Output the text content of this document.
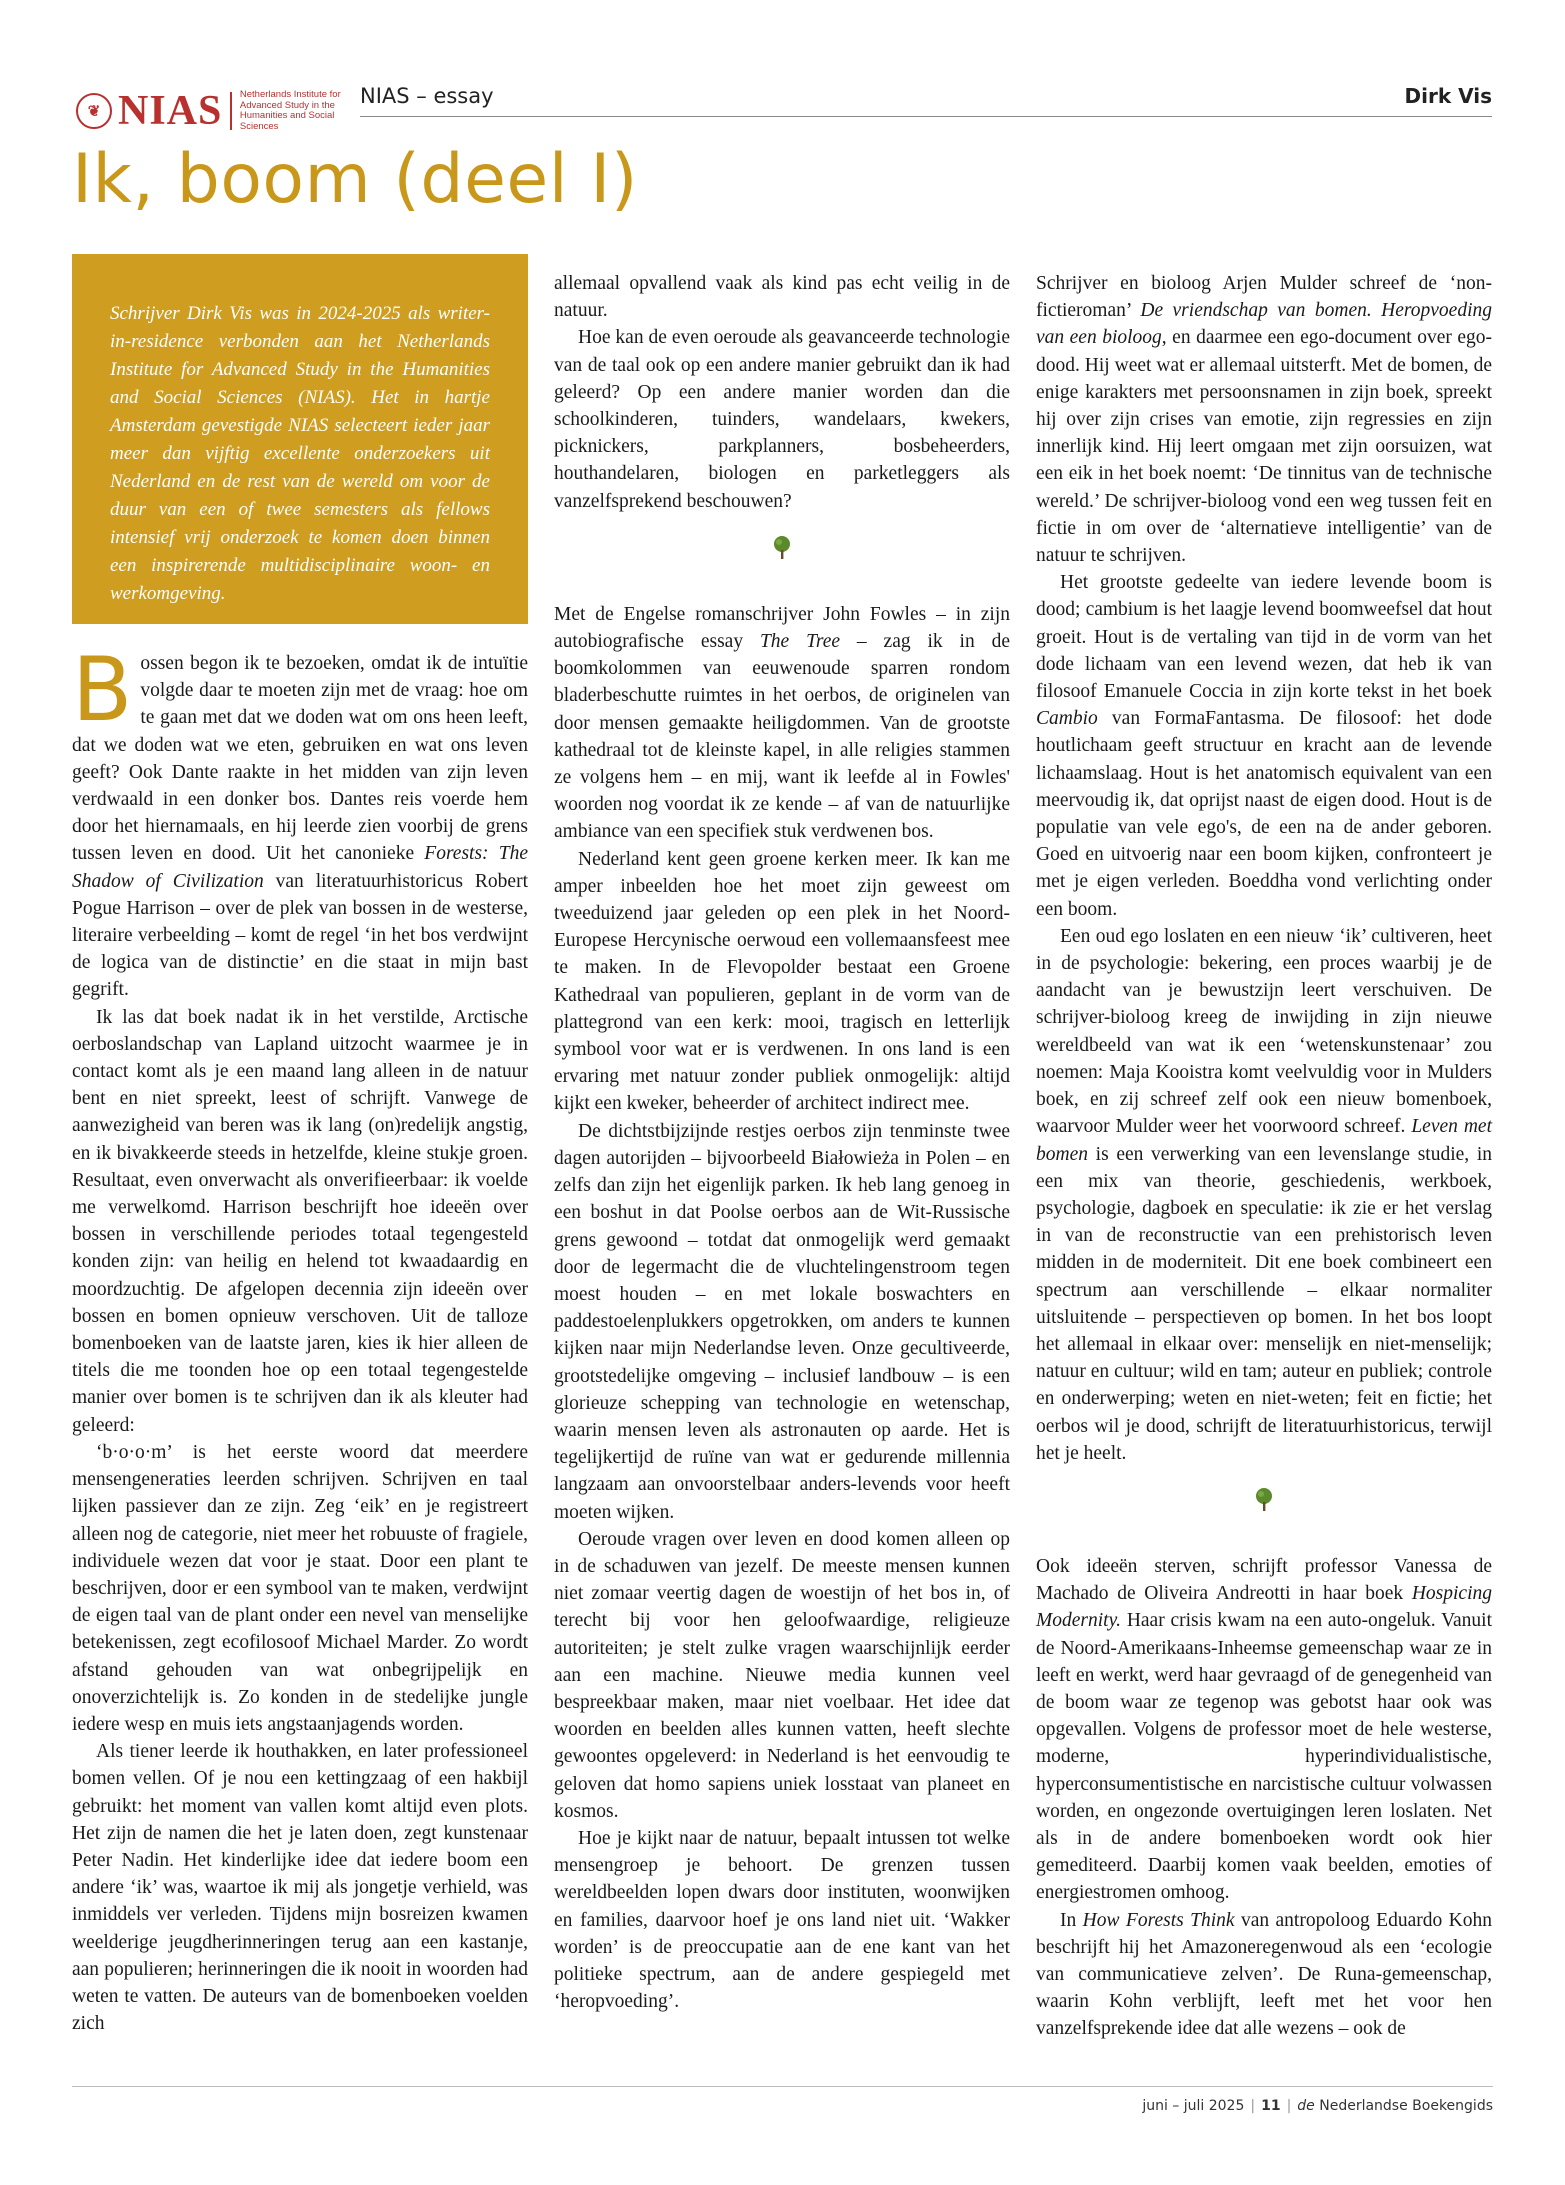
❦ NIAS Netherlands Institute for Advanced Study in the Humanities and Social Sciences
NIAS – essay	Dirk Vis
Ik, boom (deel I)

Schrijver Dirk Vis was in 2024-2025 als writer-in-residence verbonden aan het Netherlands Institute for Advanced Study in the Humanities and Social Sciences (NIAS). Het in hartje Amsterdam gevestigde NIAS selecteert ieder jaar meer dan vijftig excellente onderzoekers uit Nederland en de rest van de wereld om voor de duur van een of twee semesters als fellows intensief vrij onderzoek te komen doen binnen een inspirerende multidisciplinaire woon- en werkomgeving.

Bossen begon ik te bezoeken, omdat ik de intuïtie volgde daar te moeten zijn met de vraag: hoe om te gaan met dat we doden wat om ons heen leeft, dat we doden wat we eten, gebruiken en wat ons leven geeft? Ook Dante raakte in het midden van zijn leven verdwaald in een donker bos. Dantes reis voerde hem door het hiernamaals, en hij leerde zien voorbij de grens tussen leven en dood. Uit het canonieke Forests: The Shadow of Civilization van literatuurhistoricus Robert Pogue Harrison – over de plek van bossen in de westerse, literaire verbeelding – komt de regel ‘in het bos verdwijnt de logica van de distinctie’ en die staat in mijn bast gegrift.

Ik las dat boek nadat ik in het verstilde, Arctische oerboslandschap van Lapland uitzocht waarmee je in contact komt als je een maand lang alleen in de natuur bent en niet spreekt, leest of schrijft. Vanwege de aanwezigheid van beren was ik lang (on)redelijk angstig, en ik bivakkeerde steeds in hetzelfde, kleine stukje groen. Resultaat, even onverwacht als onverifieerbaar: ik voelde me verwelkomd. Harrison beschrijft hoe ideeën over bossen in verschillende periodes totaal tegengesteld konden zijn: van heilig en helend tot kwaadaardig en moordzuchtig. De afgelopen decennia zijn ideeën over bossen en bomen opnieuw verschoven. Uit de talloze bomenboeken van de laatste jaren, kies ik hier alleen de titels die me toonden hoe op een totaal tegengestelde manier over bomen is te schrijven dan ik als kleuter had geleerd:

‘b·o·o·m’ is het eerste woord dat meerdere mensengeneraties leerden schrijven. Schrijven en taal lijken passiever dan ze zijn. Zeg ‘eik’ en je registreert alleen nog de categorie, niet meer het robuuste of fragiele, individuele wezen dat voor je staat. Door een plant te beschrijven, door er een symbool van te maken, verdwijnt de eigen taal van de plant onder een nevel van menselijke betekenissen, zegt ecofilosoof Michael Marder. Zo wordt afstand gehouden van wat onbegrijpelijk en onoverzichtelijk is. Zo konden in de stedelijke jungle iedere wesp en muis iets angstaanjagends worden.

Als tiener leerde ik houthakken, en later professioneel bomen vellen. Of je nou een kettingzaag of een hakbijl gebruikt: het moment van vallen komt altijd even plots. Het zijn de namen die het je laten doen, zegt kunstenaar Peter Nadin. Het kinderlijke idee dat iedere boom een andere ‘ik’ was, waartoe ik mij als jongetje verhield, was inmiddels ver verleden. Tijdens mijn bosreizen kwamen weelderige jeugdherinneringen terug aan een kastanje, aan populieren; herinneringen die ik nooit in woorden had weten te vatten. De auteurs van de bomenboeken voelden zich

allemaal opvallend vaak als kind pas echt veilig in de natuur.

Hoe kan de even oeroude als geavanceerde technologie van de taal ook op een andere manier gebruikt dan ik had geleerd? Op een andere manier worden dan die schoolkinderen, tuinders, wandelaars, kwekers, picknickers, parkplanners, bosbeheerders, houthandelaren, biologen en parketleggers als vanzelfsprekend beschouwen?

Met de Engelse romanschrijver John Fowles – in zijn autobiografische essay The Tree – zag ik in de boomkolommen van eeuwenoude sparren rondom bladerbeschutte ruimtes in het oerbos, de originelen van door mensen gemaakte heiligdommen. Van de grootste kathedraal tot de kleinste kapel, in alle religies stammen ze volgens hem – en mij, want ik leefde al in Fowles' woorden nog voordat ik ze kende – af van de natuurlijke ambiance van een specifiek stuk verdwenen bos.

Nederland kent geen groene kerken meer. Ik kan me amper inbeelden hoe het moet zijn geweest om tweeduizend jaar geleden op een plek in het Noord-Europese Hercynische oerwoud een vollemaansfeest mee te maken. In de Flevopolder bestaat een Groene Kathedraal van populieren, geplant in de vorm van de plattegrond van een kerk: mooi, tragisch en letterlijk symbool voor wat er is verdwenen. In ons land is een ervaring met natuur zonder publiek onmogelijk: altijd kijkt een kweker, beheerder of architect indirect mee.

De dichtstbijzijnde restjes oerbos zijn tenminste twee dagen autorijden – bijvoorbeeld Białowieża in Polen – en zelfs dan zijn het eigenlijk parken. Ik heb lang genoeg in een boshut in dat Poolse oerbos aan de Wit-Russische grens gewoond – totdat dat onmogelijk werd gemaakt door de legermacht die de vluchtelingenstroom tegen moest houden – en met lokale boswachters en paddestoelenplukkers opgetrokken, om anders te kunnen kijken naar mijn Nederlandse leven. Onze gecultiveerde, grootstedelijke omgeving – inclusief landbouw – is een glorieuze schepping van technologie en wetenschap, waarin mensen leven als astronauten op aarde. Het is tegelijkertijd de ruïne van wat er gedurende millennia langzaam aan onvoorstelbaar anders-levends voor heeft moeten wijken.

Oeroude vragen over leven en dood komen alleen op in de schaduwen van jezelf. De meeste mensen kunnen niet zomaar veertig dagen de woestijn of het bos in, of terecht bij voor hen geloofwaardige, religieuze autoriteiten; je stelt zulke vragen waarschijnlijk eerder aan een machine. Nieuwe media kunnen veel bespreekbaar maken, maar niet voelbaar. Het idee dat woorden en beelden alles kunnen vatten, heeft slechte gewoontes opgeleverd: in Nederland is het eenvoudig te geloven dat homo sapiens uniek losstaat van planeet en kosmos.

Hoe je kijkt naar de natuur, bepaalt intussen tot welke mensengroep je behoort. De grenzen tussen wereldbeelden lopen dwars door instituten, woonwijken en families, daarvoor hoef je ons land niet uit. ‘Wakker worden’ is de preoccupatie aan de ene kant van het politieke spectrum, aan de andere gespiegeld met ‘heropvoeding’.

Schrijver en bioloog Arjen Mulder schreef de ‘non-fictieroman’ De vriendschap van bomen. Heropvoeding van een bioloog, en daarmee een ego-document over ego-dood. Hij weet wat er allemaal uitsterft. Met de bomen, de enige karakters met persoonsnamen in zijn boek, spreekt hij over zijn crises van emotie, zijn regressies en zijn innerlijk kind. Hij leert omgaan met zijn oorsuizen, wat een eik in het boek noemt: ‘De tinnitus van de technische wereld.’ De schrijver-bioloog vond een weg tussen feit en fictie in om over de ‘alternatieve intelligentie’ van de natuur te schrijven.

Het grootste gedeelte van iedere levende boom is dood; cambium is het laagje levend boomweefsel dat hout groeit. Hout is de vertaling van tijd in de vorm van het dode lichaam van een levend wezen, dat heb ik van filosoof Emanuele Coccia in zijn korte tekst in het boek Cambio van FormaFantasma. De filosoof: het dode houtlichaam geeft structuur en kracht aan de levende lichaamslaag. Hout is het anatomisch equivalent van een meervoudig ik, dat oprijst naast de eigen dood. Hout is de populatie van vele ego's, de een na de ander geboren. Goed en uitvoerig naar een boom kijken, confronteert je met je eigen verleden. Boeddha vond verlichting onder een boom.

Een oud ego loslaten en een nieuw ‘ik’ cultiveren, heet in de psychologie: bekering, een proces waarbij je de aandacht van je bewustzijn leert verschuiven. De schrijver-bioloog kreeg de inwijding in zijn nieuwe wereldbeeld van wat ik een ‘wetenskunstenaar’ zou noemen: Maja Kooistra komt veelvuldig voor in Mulders boek, en zij schreef zelf ook een nieuw bomenboek, waarvoor Mulder weer het voorwoord schreef. Leven met bomen is een verwerking van een levenslange studie, in een mix van theorie, geschiedenis, werkboek, psychologie, dagboek en speculatie: ik zie er het verslag in van de reconstructie van een prehistorisch leven midden in de moderniteit. Dit ene boek combineert een spectrum aan verschillende – elkaar normaliter uitsluitende – perspectieven op bomen. In het bos loopt het allemaal in elkaar over: menselijk en niet-menselijk; natuur en cultuur; wild en tam; auteur en publiek; controle en onderwerping; weten en niet-weten; feit en fictie; het oerbos wil je dood, schrijft de literatuurhistoricus, terwijl het je heelt.

Ook ideeën sterven, schrijft professor Vanessa de Machado de Oliveira Andreotti in haar boek Hospicing Modernity. Haar crisis kwam na een auto-ongeluk. Vanuit de Noord-Amerikaans-Inheemse gemeenschap waar ze in leeft en werkt, werd haar gevraagd of de genegenheid van de boom waar ze tegenop was gebotst haar ook was opgevallen. Volgens de professor moet de hele westerse, moderne, hyperindividualistische, hyperconsumentistische en narcistische cultuur volwassen worden, en ongezonde overtuigingen leren loslaten. Net als in de andere bomenboeken wordt ook hier gemediteerd. Daarbij komen vaak beelden, emoties of energiestromen omhoog.

In How Forests Think van antropoloog Eduardo Kohn beschrijft hij het Amazoneregenwoud als een ‘ecologie van communicatieve zelven’. De Runa-gemeenschap, waarin Kohn verblijft, leeft met het voor hen vanzelfsprekende idee dat alle wezens – ook de

juni – juli 2025 | 11 | de Nederlandse Boekengids
